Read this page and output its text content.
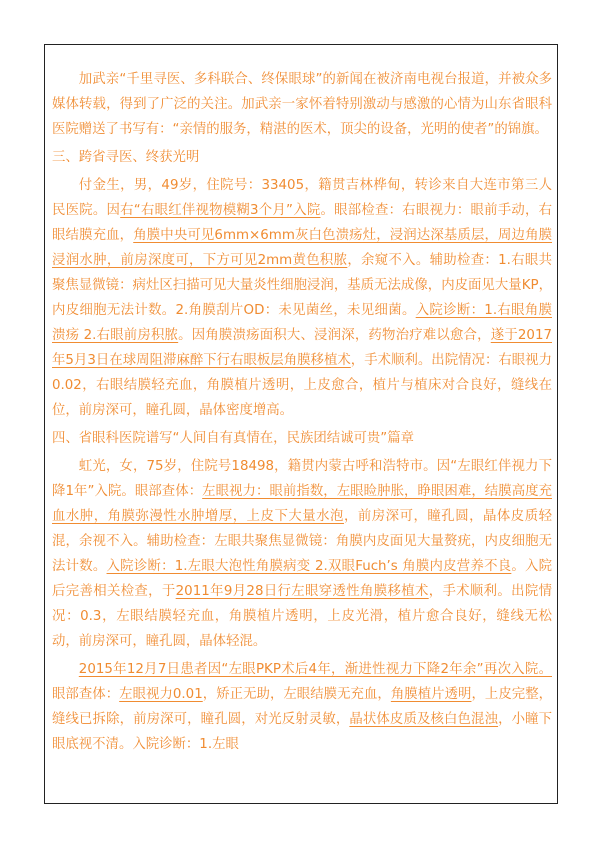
加武亲“千里寻医、多科联合、终保眼球”的新闻在被济南电视台报道，并被众多媒体转载，得到了广泛的关注。加武亲一家怀着特别激动与感激的心情为山东省眼科医院赠送了书写有：“亲情的服务，精湛的医术，顶尖的设备，光明的使者”的锦旗。

三、跨省寻医、终获光明

付金生，男，49岁，住院号：33405，籍贯吉林桦甸，转诊来自大连市第三人民医院。因右“右眼红伴视物模糊3个月”入院。眼部检查：右眼视力：眼前手动，右眼结膜充血，角膜中央可见6mm×6mm灰白色溃疡灶，浸润达深基质层，周边角膜浸润水肿，前房深度可，下方可见2mm黄色积脓，余窥不入。辅助检查：1.右眼共聚焦显微镜：病灶区扫描可见大量炎性细胞浸润，基质无法成像，内皮面见大量KP，内皮细胞无法计数。2.角膜刮片OD：未见菌丝，未见细菌。入院诊断：1.右眼角膜溃疡 2.右眼前房积脓。因角膜溃疡面积大、浸润深，药物治疗难以愈合，遂于2017年5月3日在球周阻滞麻醉下行右眼板层角膜移植术，手术顺利。出院情况：右眼视力0.02，右眼结膜轻充血，角膜植片透明，上皮愈合，植片与植床对合良好，缝线在位，前房深可，瞳孔圆，晶体密度增高。

四、省眼科医院谱写“人间自有真情在，民族团结诚可贵”篇章

虹光，女，75岁，住院号18498，籍贯内蒙古呼和浩特市。因“左眼红伴视力下降1年”入院。眼部查体：左眼视力：眼前指数，左眼睑肿胀，睁眼困难，结膜高度充血水肿，角膜弥漫性水肿增厚，上皮下大量水泡，前房深可，瞳孔圆，晶体皮质轻混，余视不入。辅助检查：左眼共聚焦显微镜：角膜内皮面见大量赘疣，内皮细胞无法计数。入院诊断：1.左眼大泡性角膜病变 2.双眼Fuch’s 角膜内皮营养不良。入院后完善相关检查，于2011年9月28日行左眼穿透性角膜移植术，手术顺利。出院情况：0.3，左眼结膜轻充血，角膜植片透明，上皮光滑，植片愈合良好，缝线无松动，前房深可，瞳孔圆，晶体轻混。

2015年12月7日患者因“左眼PKP术后4年，渐进性视力下降2年余”再次入院。眼部查体：左眼视力0.01，矫正无助，左眼结膜无充血，角膜植片透明，上皮完整，缝线已拆除，前房深可，瞳孔圆，对光反射灵敏，晶状体皮质及核白色混浊，小瞳下眼底视不清。入院诊断：1.左眼
